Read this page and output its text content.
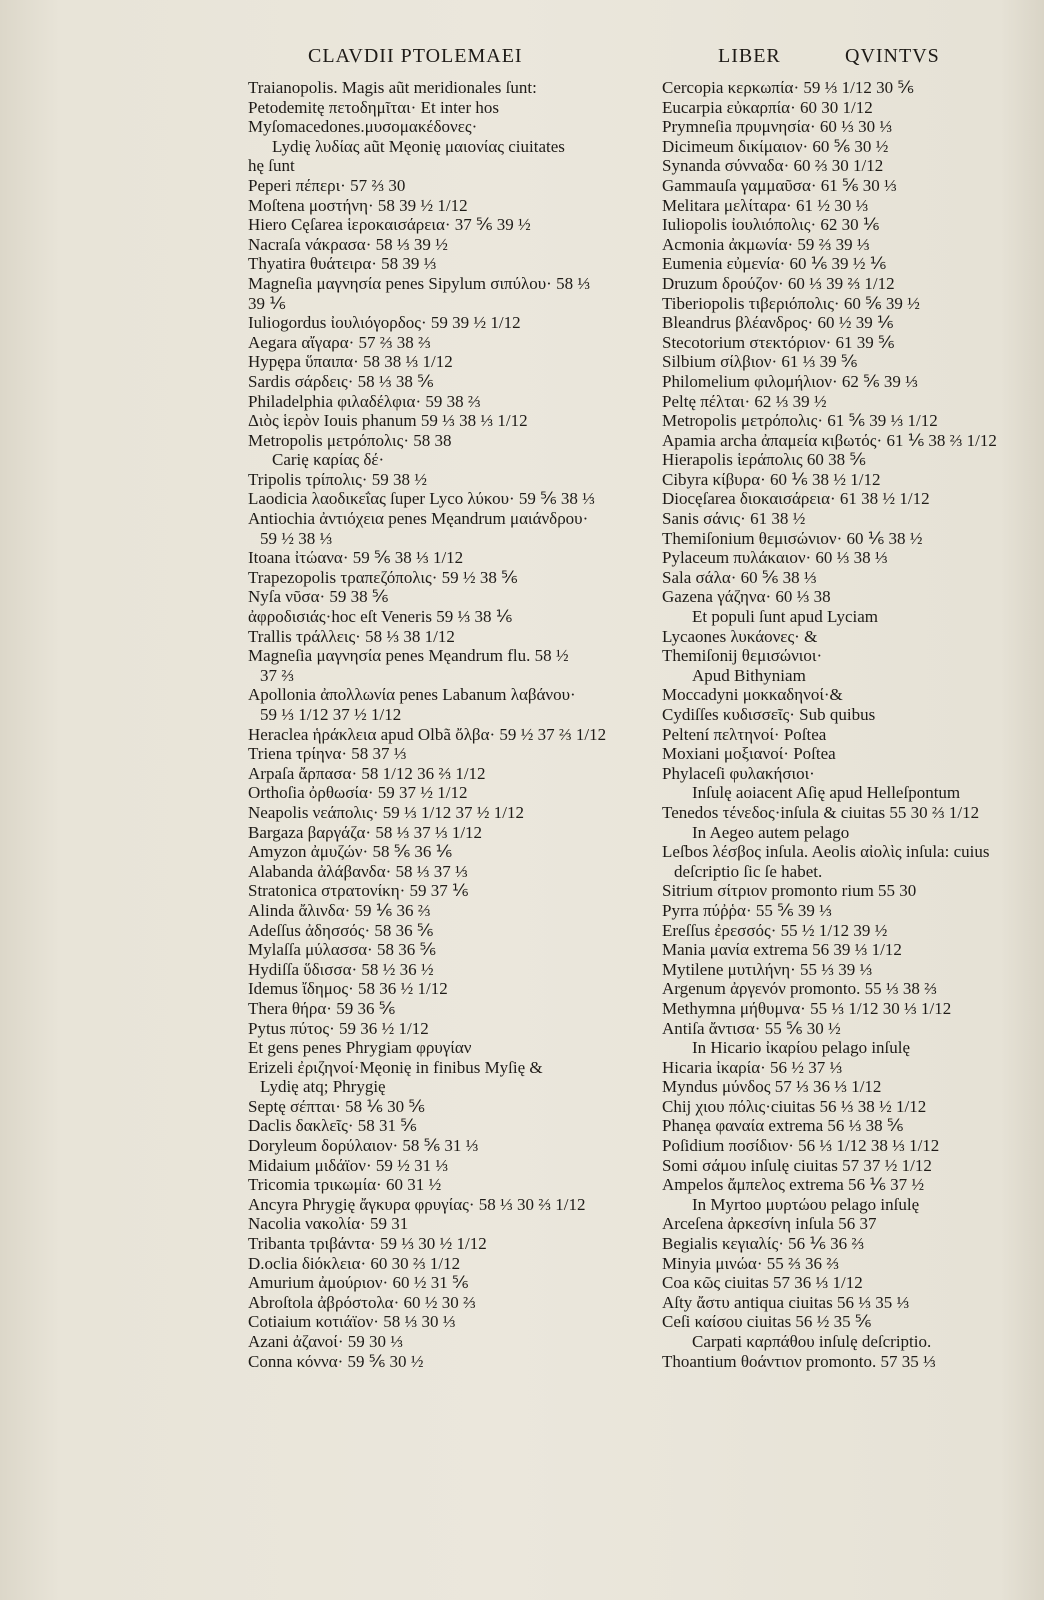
CLAVDII PTOLEMAEI	LIBER	QVINTVS
Traianopolis. Magis aũt meridionales ſunt:
Petodemitę πετοδημῖται· Et inter hos
Myſomacedones.μυσομακέδονες·
Lydię λυδίας aũt Męonię μαιονίας ciuitates
hę ſunt
Peperi πέπερι· 57 ⅔ 30
Moſtena μοστήνη· 58 39 ½ 1/12
Hiero Cęſarea ἱεροκαισάρεια· 37 ⅚ 39 ½
Nacraſa νάκρασα· 58 ⅓ 39 ½
Thyatira θυάτειρα· 58 39 ⅓
Magneſia μαγνησία penes Sipylum σιπύλου· 58 ⅓
39 ⅙
Iuliogordus ἰουλιόγορδος· 59 39 ½ 1/12
Aegara αἴγαρα· 57 ⅔ 38 ⅔
Hypępa ὕπαιπα· 58 38 ⅓ 1/12
Sardis σάρδεις· 58 ⅓ 38 ⅚
Philadelphia φιλαδέλφια· 59 38 ⅔
Διὸς ἱερὸν Iouis phanum 59 ⅓ 38 ⅓ 1/12
Metropolis μετρόπολις· 58 38
Carię καρίας δέ·
Tripolis τρίπολις· 59 38 ½
Laodicia λαοδικεΐας ſuper Lyco λύκου· 59 ⅚ 38 ⅓
Antiochia ἀντιόχεια penes Męandrum μαιάνδρου·
59 ½ 38 ⅓
Itoana ἰτώανα· 59 ⅚ 38 ⅓ 1/12
Trapezopolis τραπεζόπολις· 59 ½ 38 ⅚
Nyſa νῦσα· 59 38 ⅚
ἀφροδισιάς·hoc eſt Veneris 59 ⅓ 38 ⅙
Trallis τράλλεις· 58 ⅓ 38 1/12
Magneſia μαγνησία penes Męandrum flu. 58 ½
37 ⅔
Apollonia ἀπολλωνία penes Labanum λαβάνου·
59 ⅓ 1/12 37 ½ 1/12
Heraclea ἡράκλεια apud Olbã ὄλβα· 59 ½ 37 ⅔ 1/12
Triena τρίηνα· 58 37 ⅓
Arpaſa ἄρπασα· 58 1/12 36 ⅔ 1/12
Orthoſia ὀρθωσία· 59 37 ½ 1/12
Neapolis νεάπολις· 59 ⅓ 1/12 37 ½ 1/12
Bargaza βαργάζα· 58 ⅓ 37 ⅓ 1/12
Amyzon ἀμυζών· 58 ⅚ 36 ⅙
Alabanda ἀλάβανδα· 58 ⅓ 37 ⅓
Stratonica στρατονίκη· 59 37 ⅙
Alinda ἄλινδα· 59 ⅙ 36 ⅔
Adeſſus ἀδησσός· 58 36 ⅚
Mylaſſa μύλασσα· 58 36 ⅚
Hydiſſa ὕδισσα· 58 ½ 36 ½
Idemus ἴδημος· 58 36 ½ 1/12
Thera θήρα· 59 36 ⅚
Pytus πύτος· 59 36 ½ 1/12
Et gens penes Phrygiam φρυγίαν
Erizeli ἐριζηνοί·Męonię in finibus Myſię &
Lydię atq; Phrygię
Septę σέπται· 58 ⅙ 30 ⅚
Daclis δακλεῖς· 58 31 ⅚
Doryleum δορύλαιον· 58 ⅚ 31 ⅓
Midaium μιδάϊον· 59 ½ 31 ⅓
Tricomia τρικωμία· 60 31 ½
Ancyra Phrygię ἄγκυρα φρυγίας· 58 ⅓ 30 ⅔ 1/12
Nacolia νακολία· 59 31
Tribanta τριβάντα· 59 ⅓ 30 ½ 1/12
D.oclia δiόκλεια· 60 30 ⅔ 1/12
Amurium ἀμούριον· 60 ½ 31 ⅚
Abroſtola ἀβρόστολα· 60 ½ 30 ⅔
Cotiaium κοτιάϊον· 58 ⅓ 30 ⅓
Azani ἀζανοί· 59 30 ⅓
Conna κόννα· 59 ⅚ 30 ½
Cercopia κερκωπία· 59 ⅓ 1/12 30 ⅚
Eucarpia εὐκαρπία· 60 30 1/12
Prymneſia πρυμνησία· 60 ⅓ 30 ⅓
Dicimeum δικίμαιον· 60 ⅚ 30 ½
Synanda σύνναδα· 60 ⅔ 30 1/12
Gammauſa γαμμαῦσα· 61 ⅚ 30 ⅓
Melitara μελίταρα· 61 ½ 30 ⅓
Iuliopolis ἰουλιόπολις· 62 30 ⅙
Acmonia ἀκμωνία· 59 ⅔ 39 ⅓
Eumenia εὐμενία· 60 ⅙ 39 ½ ⅙
Druzum δρούζον· 60 ⅓ 39 ⅔ 1/12
Tiberiopolis τιβεριόπολις· 60 ⅚ 39 ½
Bleandrus βλέανδρος· 60 ½ 39 ⅙
Stecotorium στεκτόριον· 61 39 ⅚
Silbium σίλβιον· 61 ⅓ 39 ⅚
Philomelium φιλομήλιον· 62 ⅚ 39 ⅓
Peltę πέλται· 62 ⅓ 39 ½
Metropolis μετρόπολις· 61 ⅚ 39 ⅓ 1/12
Apamia archa ἀπαμεία κιβωτός· 61 ⅙ 38 ⅔ 1/12
Hierapolis ἱεράπολις 60 38 ⅚
Cibyra κίβυρα· 60 ⅙ 38 ½ 1/12
Diocęſarea διοκαισάρεια· 61 38 ½ 1/12
Sanis σάνις· 61 38 ½
Themiſonium θεμισώνιον· 60 ⅙ 38 ½
Pylaceum πυλάκαιον· 60 ⅓ 38 ⅓
Sala σάλα· 60 ⅚ 38 ⅓
Gazena γάζηνα· 60 ⅓ 38
Et populi ſunt apud Lyciam
Lycaones λυκάονες· &
Themiſonij θεμισώνιοι·
Apud Bithyniam
Moccadyni μοκκαδηνοί·&
Cydiſſes κυδισσεῖς· Sub quibus
Peltení πελτηνοί· Poſtea
Moxiani μοξιανοί· Poſtea
Phylaceſi φυλακήσιοι·
Inſulę aoiacent Aſię apud Helleſpontum
Tenedos τένεδος·inſula & ciuitas 55 30 ⅔ 1/12
In Aegeo autem pelago
Leſbos λέσβος inſula. Aeolis αἰολὶς inſula: cuius
deſcriptio ſic ſe habet.
Sitrium σίτριον promonto rium 55 30
Pyrra πύῤῥα· 55 ⅚ 39 ⅓
Ereſſus ἐρεσσός· 55 ½ 1/12 39 ½
Mania μανία extrema 56 39 ⅓ 1/12
Mytilene μυτιλήνη· 55 ⅓ 39 ⅓
Argenum ἀργενόν promonto. 55 ⅓ 38 ⅔
Methymna μήθυμνα· 55 ⅓ 1/12 30 ⅓ 1/12
Antiſa ἄντισα· 55 ⅚ 30 ½
In Hicario ἰκαρίου pelago inſulę
Hicaria ἰκαρία· 56 ½ 37 ⅓
Myndus μύνδος 57 ⅓ 36 ⅓ 1/12
Chij χιου πόλις·ciuitas 56 ⅓ 38 ½ 1/12
Phanęa φαναία extrema 56 ⅓ 38 ⅚
Poſidium ποσίδιον· 56 ⅓ 1/12 38 ⅓ 1/12
Somi σάμου inſulę ciuitas 57 37 ½ 1/12
Ampelos ἄμπελος extrema 56 ⅙ 37 ½
In Myrtoo μυρτώου pelago inſulę
Arceſena ἀρκεσίνη inſula 56 37
Begialis κεγιαλίς· 56 ⅙ 36 ⅔
Minyia μινώα· 55 ⅔ 36 ⅔
Coa κῶς ciuitas 57 36 ⅓ 1/12
Aſty ἄστυ antiqua ciuitas 56 ⅓ 35 ⅓
Ceſi καίσου ciuitas 56 ½ 35 ⅚
Carpati καρπάθου inſulę deſcriptio.
Thoantium θοάντιον promonto. 57 35 ⅓
